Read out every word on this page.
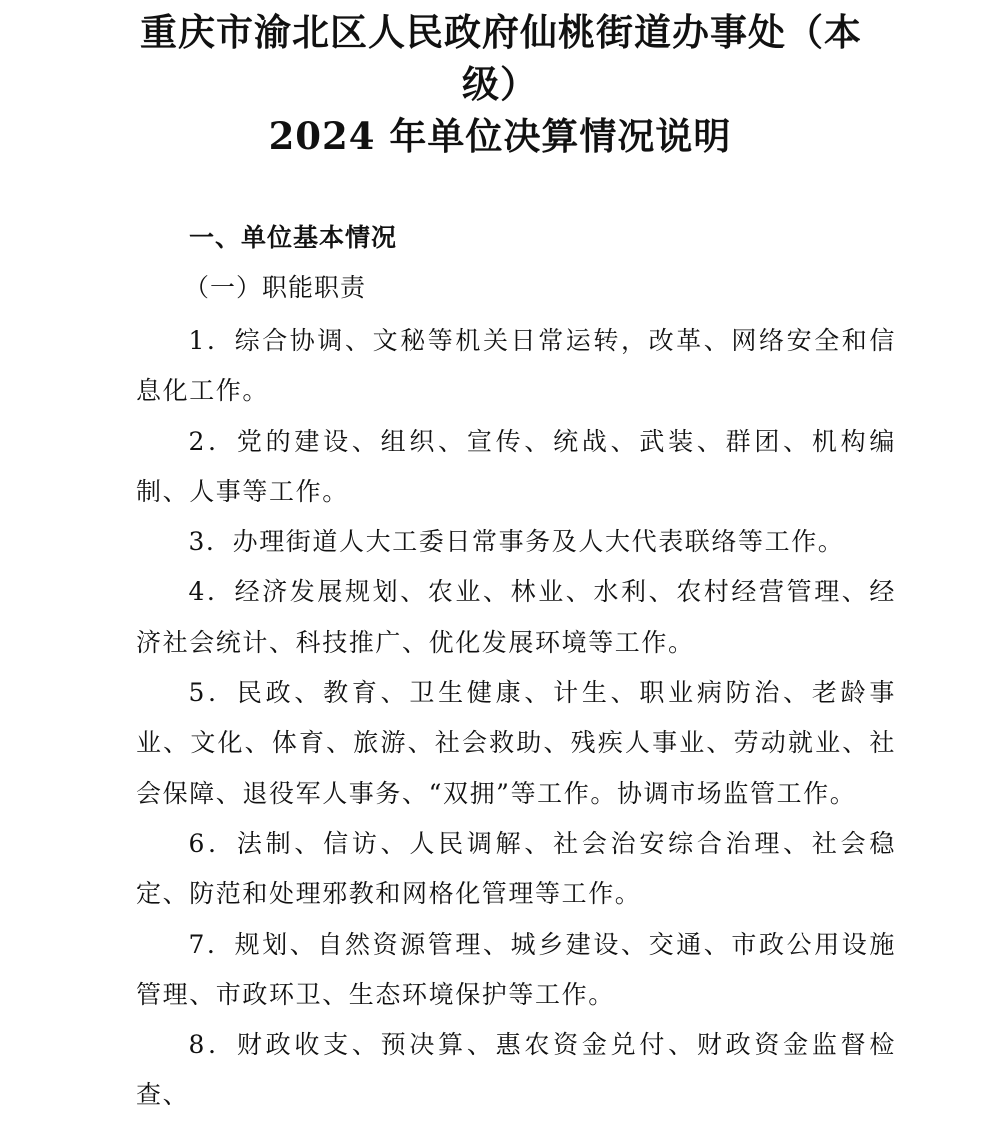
重庆市渝北区人民政府仙桃街道办事处（本
级）
2024 年单位决算情况说明
一、单位基本情况
（一）职能职责

1．综合协调、文秘等机关日常运转，改革、网络安全和信息化工作。

2．党的建设、组织、宣传、统战、武装、群团、机构编制、人事等工作。

3．办理街道人大工委日常事务及人大代表联络等工作。

4．经济发展规划、农业、林业、水利、农村经营管理、经济社会统计、科技推广、优化发展环境等工作。

5．民政、教育、卫生健康、计生、职业病防治、老龄事业、文化、体育、旅游、社会救助、残疾人事业、劳动就业、社会保障、退役军人事务、“双拥”等工作。协调市场监管工作。

6．法制、信访、人民调解、社会治安综合治理、社会稳定、防范和处理邪教和网格化管理等工作。

7．规划、自然资源管理、城乡建设、交通、市政公用设施管理、市政环卫、生态环境保护等工作。

8．财政收支、预决算、惠农资金兑付、财政资金监督检查、
